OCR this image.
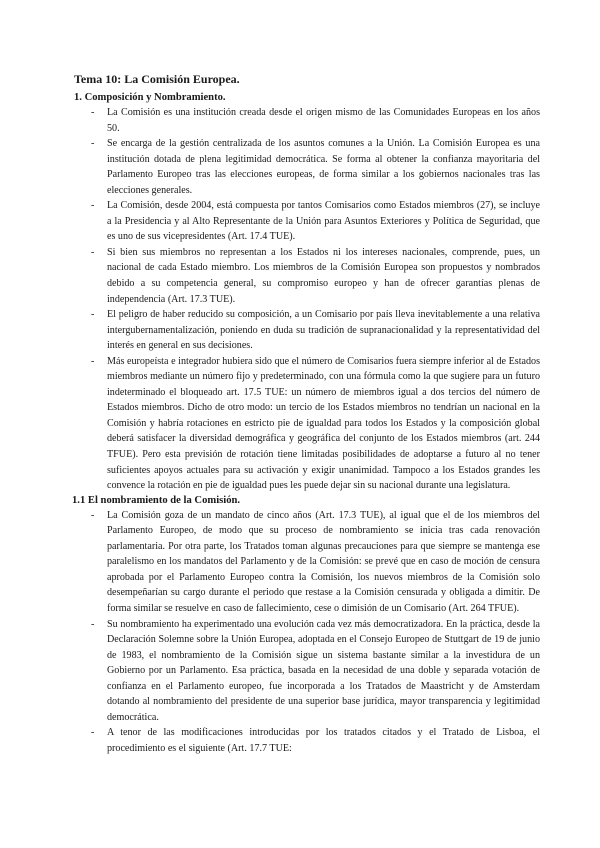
Tema 10: La Comisión Europea.
1. Composición y Nombramiento.
- La Comisión es una institución creada desde el origen mismo de las Comunidades Europeas en los años 50.
- Se encarga de la gestión centralizada de los asuntos comunes a la Unión. La Comisión Europea es una institución dotada de plena legitimidad democrática. Se forma al obtener la confianza mayoritaria del Parlamento Europeo tras las elecciones europeas, de forma similar a los gobiernos nacionales tras las elecciones generales.
- La Comisión, desde 2004, está compuesta por tantos Comisarios como Estados miembros (27), se incluye a la Presidencia y al Alto Representante de la Unión para Asuntos Exteriores y Política de Seguridad, que es uno de sus vicepresidentes (Art. 17.4 TUE).
- Si bien sus miembros no representan a los Estados ni los intereses nacionales, comprende, pues, un nacional de cada Estado miembro. Los miembros de la Comisión Europea son propuestos y nombrados debido a su competencia general, su compromiso europeo y han de ofrecer garantías plenas de independencia (Art. 17.3 TUE).
- El peligro de haber reducido su composición, a un Comisario por país lleva inevitablemente a una relativa intergubernamentalización, poniendo en duda su tradición de supranacionalidad y la representatividad del interés en general en sus decisiones.
- Más europeísta e integrador hubiera sido que el número de Comisarios fuera siempre inferior al de Estados miembros mediante un número fijo y predeterminado, con una fórmula como la que sugiere para un futuro indeterminado el bloqueado art. 17.5 TUE: un número de miembros igual a dos tercios del número de Estados miembros. Dicho de otro modo: un tercio de los Estados miembros no tendrían un nacional en la Comisión y habría rotaciones en estricto pie de igualdad para todos los Estados y la composición global deberá satisfacer la diversidad demográfica y geográfica del conjunto de los Estados miembros (art. 244 TFUE). Pero esta previsión de rotación tiene limitadas posibilidades de adoptarse a futuro al no tener suficientes apoyos actuales para su activación y exigir unanimidad. Tampoco a los Estados grandes les convence la rotación en pie de igualdad pues les puede dejar sin su nacional durante una legislatura.
1.1 El nombramiento de la Comisión.
- La Comisión goza de un mandato de cinco años (Art. 17.3 TUE), al igual que el de los miembros del Parlamento Europeo, de modo que su proceso de nombramiento se inicia tras cada renovación parlamentaria. Por otra parte, los Tratados toman algunas precauciones para que siempre se mantenga ese paralelismo en los mandatos del Parlamento y de la Comisión: se prevé que en caso de moción de censura aprobada por el Parlamento Europeo contra la Comisión, los nuevos miembros de la Comisión solo desempeñarían su cargo durante el periodo que restase a la Comisión censurada y obligada a dimitir. De forma similar se resuelve en caso de fallecimiento, cese o dimisión de un Comisario (Art. 264 TFUE).
- Su nombramiento ha experimentado una evolución cada vez más democratizadora. En la práctica, desde la Declaración Solemne sobre la Unión Europea, adoptada en el Consejo Europeo de Stuttgart de 19 de junio de 1983, el nombramiento de la Comisión sigue un sistema bastante similar a la investidura de un Gobierno por un Parlamento. Esa práctica, basada en la necesidad de una doble y separada votación de confianza en el Parlamento europeo, fue incorporada a los Tratados de Maastricht y de Amsterdam dotando al nombramiento del presidente de una superior base jurídica, mayor transparencia y legitimidad democrática.
- A tenor de las modificaciones introducidas por los tratados citados y el Tratado de Lisboa, el procedimiento es el siguiente (Art. 17.7 TUE:
